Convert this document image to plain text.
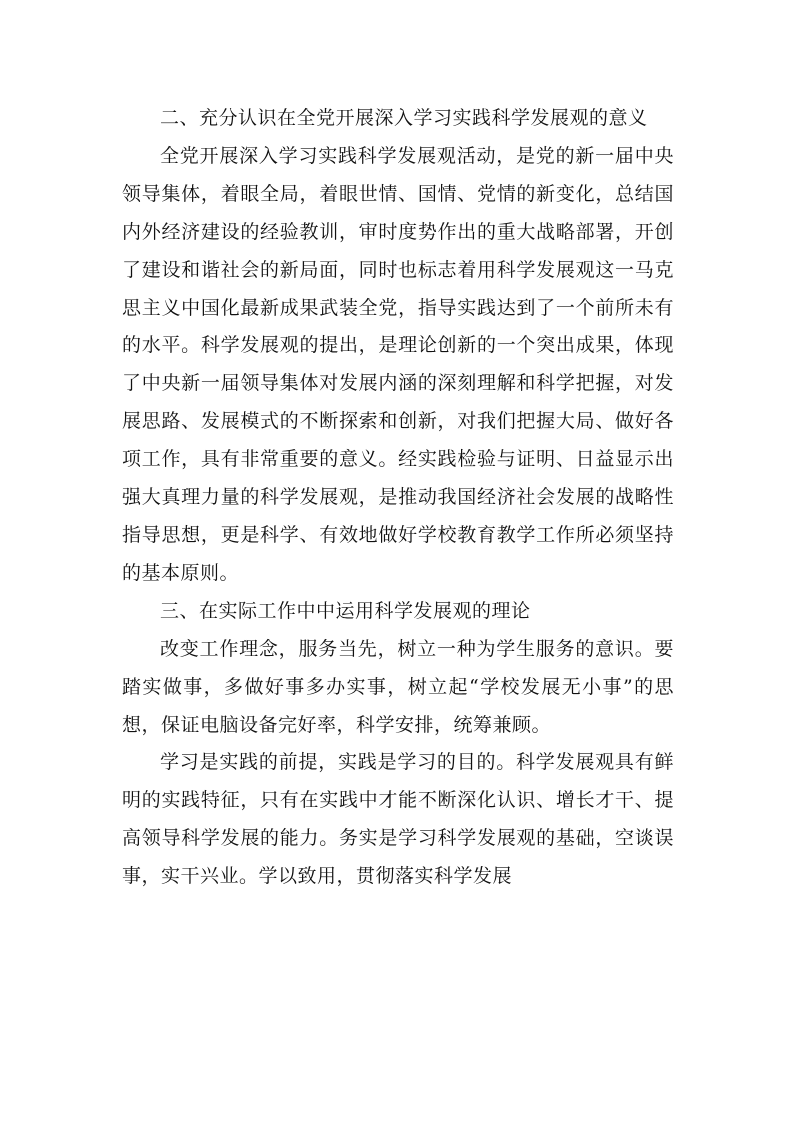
二、充分认识在全党开展深入学习实践科学发展观的意义

全党开展深入学习实践科学发展观活动，是党的新一届中央领导集体，着眼全局，着眼世情、国情、党情的新变化，总结国内外经济建设的经验教训，审时度势作出的重大战略部署，开创了建设和谐社会的新局面，同时也标志着用科学发展观这一马克思主义中国化最新成果武装全党，指导实践达到了一个前所未有的水平。科学发展观的提出，是理论创新的一个突出成果，体现了中央新一届领导集体对发展内涵的深刻理解和科学把握，对发展思路、发展模式的不断探索和创新，对我们把握大局、做好各项工作，具有非常重要的意义。经实践检验与证明、日益显示出强大真理力量的科学发展观，是推动我国经济社会发展的战略性指导思想，更是科学、有效地做好学校教育教学工作所必须坚持的基本原则。

三、在实际工作中中运用科学发展观的理论

改变工作理念，服务当先，树立一种为学生服务的意识。要踏实做事，多做好事多办实事，树立起“学校发展无小事”的思想，保证电脑设备完好率，科学安排，统筹兼顾。

学习是实践的前提，实践是学习的目的。科学发展观具有鲜明的实践特征，只有在实践中才能不断深化认识、增长才干、提高领导科学发展的能力。务实是学习科学发展观的基础，空谈误事，实干兴业。学以致用，贯彻落实科学发展
